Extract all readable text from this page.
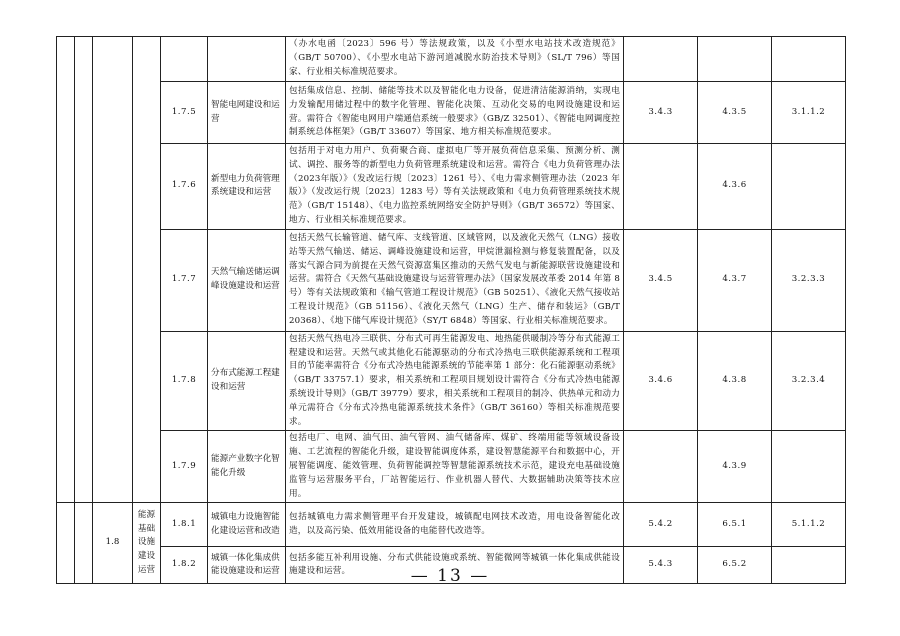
						（办水电函〔2023〕596 号）等法规政策，以及《小型水电站技术改造规范》（GB/T 50700）、《小型水电站下游河道减脱水防治技术导则》（SL/T 796）等国家、行业相关标准规范要求。			
				1.7.5	智能电网建设和运营	包括集成信息、控制、储能等技术以及智能化电力设备，促进清洁能源消纳，实现电力发输配用储过程中的数字化管理、智能化决策、互动化交易的电网设施建设和运营。需符合《智能电网用户端通信系统一般要求》（GB/Z 32501）、《智能电网调度控制系统总体框架》（GB/T 33607）等国家、地方相关标准规范要求。	3.4.3	4.3.5	3.1.1.2
				1.7.6	新型电力负荷管理系统建设和运营	包括用于对电力用户、负荷聚合商、虚拟电厂等开展负荷信息采集、预测分析、测试、调控、服务等的新型电力负荷管理系统建设和运营。需符合《电力负荷管理办法（2023年版）》（发改运行规〔2023〕1261 号）、《电力需求侧管理办法（2023 年版）》（发改运行规〔2023〕1283 号）等有关法规政策和《电力负荷管理系统技术规范》（GB/T 15148）、《电力监控系统网络安全防护导则》（GB/T 36572）等国家、地方、行业相关标准规范要求。		4.3.6	
				1.7.7	天然气输送储运调峰设施建设和运营	包括天然气长输管道、储气库、支线管道、区域管网，以及液化天然气（LNG）接收站等天然气输送、储运、调峰设施建设和运营，甲烷泄漏检测与修复装置配备，以及落实气源合同为前提在天然气资源富集区推动的天然气发电与新能源联营设施建设和运营。需符合《天然气基础设施建设与运营管理办法》（国家发展改革委 2014 年第 8 号）等有关法规政策和《输气管道工程设计规范》（GB 50251）、《液化天然气接收站工程设计规范》（GB 51156）、《液化天然气（LNG）生产、储存和装运》（GB/T 20368）、《地下储气库设计规范》（SY/T 6848）等国家、行业相关标准规范要求。	3.4.5	4.3.7	3.2.3.3
				1.7.8	分布式能源工程建设和运营	包括天然气热电冷三联供、分布式可再生能源发电、地热能供暖制冷等分布式能源工程建设和运营。天然气或其他化石能源驱动的分布式冷热电三联供能源系统和工程项目的节能率需符合《分布式冷热电能源系统的节能率第 1 部分：化石能源驱动系统》（GB/T 33757.1）要求，相关系统和工程项目规划设计需符合《分布式冷热电能源系统设计导则》（GB/T 39779）要求，相关系统和工程项目的制冷、供热单元和动力单元需符合《分布式冷热电能源系统技术条件》（GB/T 36160）等相关标准规范要求。	3.4.6	4.3.8	3.2.3.4
				1.7.9	能源产业数字化智能化升级	包括电厂、电网、油气田、油气管网、油气储备库、煤矿、终端用能等领域设备设施、工艺流程的智能化升级，建设智能调度体系，建设智慧能源平台和数据中心，开展智能调度、能效管理、负荷智能调控等智慧能源系统技术示范，建设充电基础设施监管与运营服务平台，厂站智能运行、作业机器人替代、大数据辅助决策等技术应用。		4.3.9	
		1.8	能源基础设施建设运营	1.8.1	城镇电力设施智能化建设运营和改造	包括城镇电力需求侧管理平台开发建设，城镇配电网技术改造，用电设备智能化改造，以及高污染、低效用能设备的电能替代改造等。	5.4.2	6.5.1	5.1.1.2
				1.8.2	城镇一体化集成供能设施建设和运营	包括多能互补利用设施、分布式供能设施或系统、智能微网等城镇一体化集成供能设施建设和运营。	5.4.3	6.5.2	
— 13 —
